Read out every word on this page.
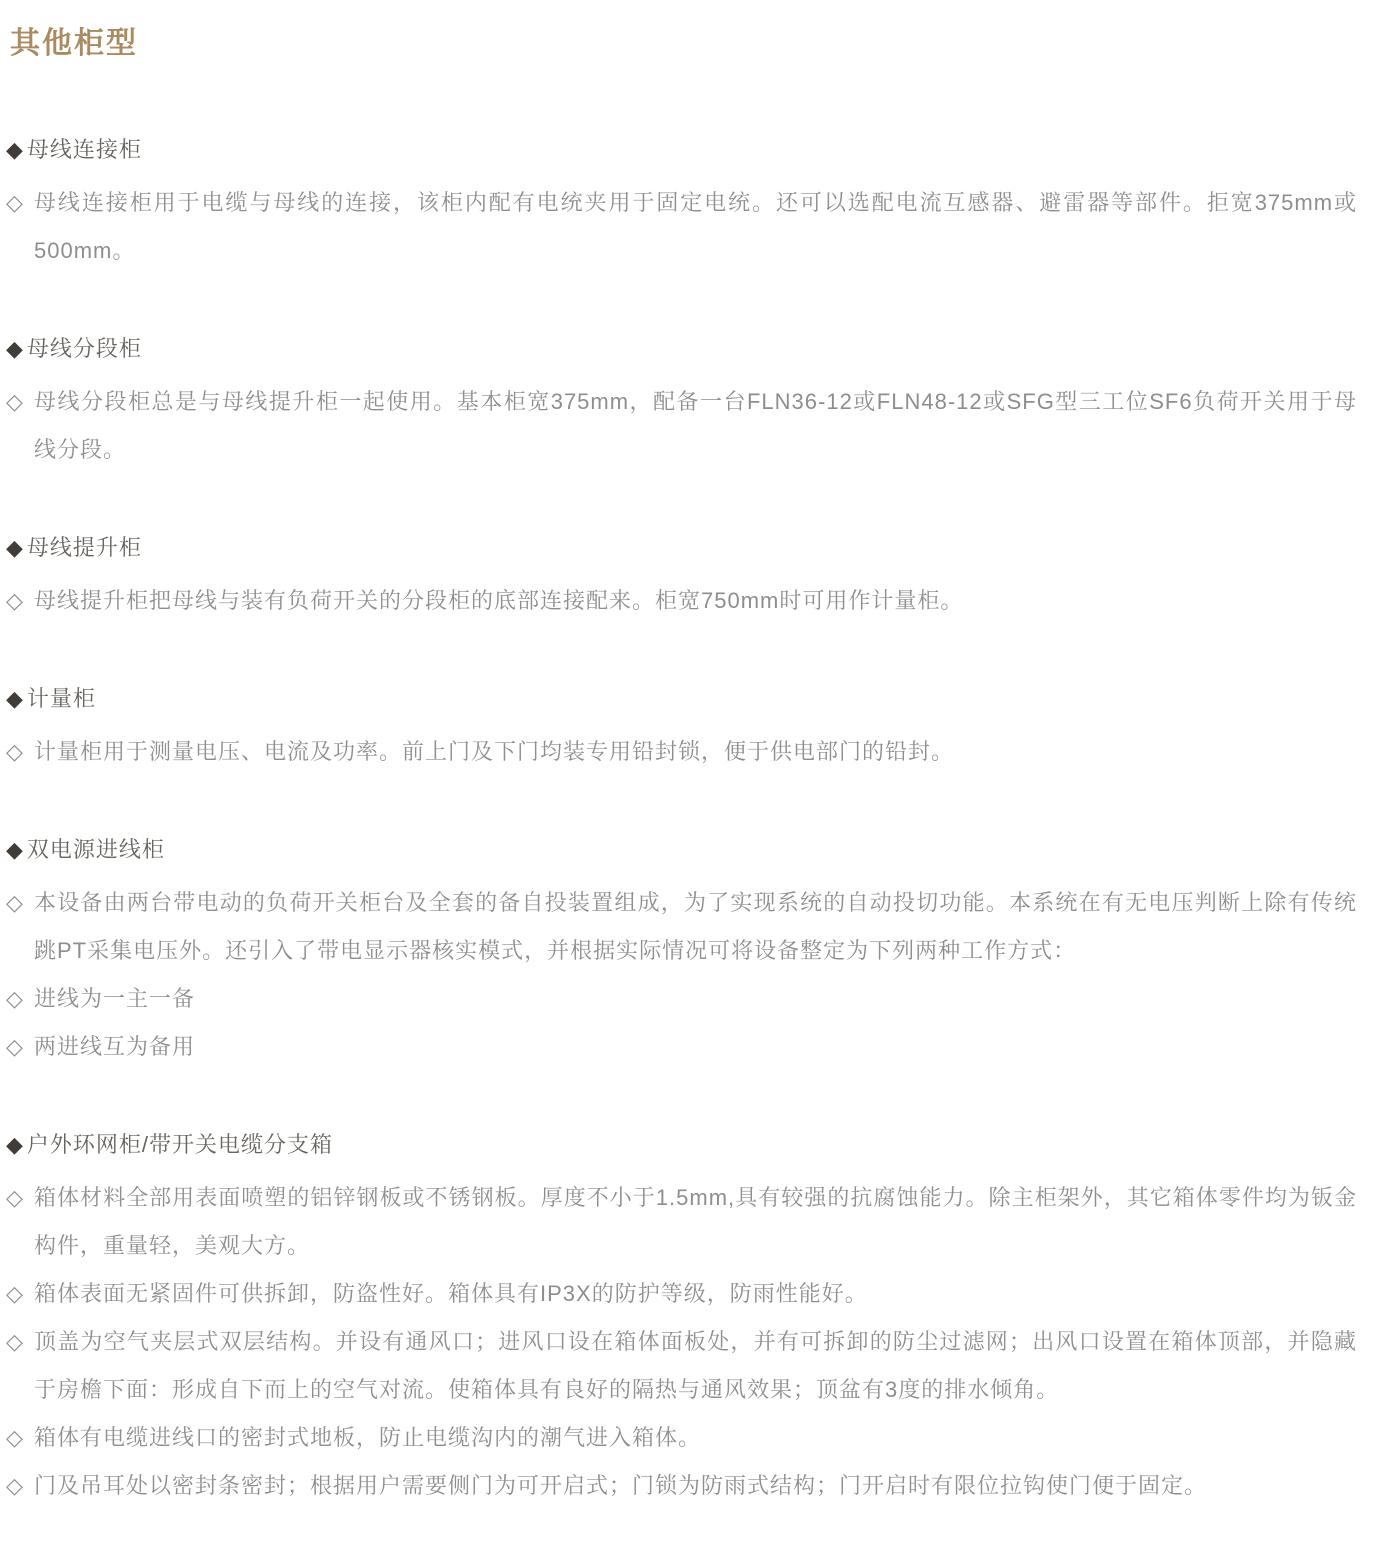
其他柜型
◆ 母线连接柜

◇ 母线连接柜用于电缆与母线的连接，该柜内配有电统夹用于固定电统。还可以选配电流互感器、避雷器等部件。拒宽375mm或500mm。

◆ 母线分段柜

◇ 母线分段柜总是与母线提升柜一起使用。基本柜宽375mm，配备一台FLN36-12或FLN48-12或SFG型三工位SF6负荷开关用于母线分段。

◆ 母线提升柜

◇ 母线提升柜把母线与装有负荷开关的分段柜的底部连接配来。柜宽750mm时可用作计量柜。

◆ 计量柜

◇ 计量柜用于测量电压、电流及功率。前上门及下门均装专用铅封锁，便于供电部门的铅封。

◆ 双电源进线柜

◇ 本设备由两台带电动的负荷开关柜台及全套的备自投装置组成，为了实现系统的自动投切功能。本系统在有无电压判断上除有传统跳PT采集电压外。还引入了带电显示器核实模式，并根据实际情况可将设备整定为下列两种工作方式：

◇ 进线为一主一备

◇ 两进线互为备用

◆ 户外环网柜/带开关电缆分支箱

◇ 箱体材料全部用表面喷塑的铝锌钢板或不锈钢板。厚度不小于1.5mm,具有较强的抗腐蚀能力。除主柜架外，其它箱体零件均为钣金构件，重量轻，美观大方。

◇ 箱体表面无紧固件可供拆卸，防盗性好。箱体具有IP3X的防护等级，防雨性能好。

◇ 顶盖为空气夹层式双层结构。并设有通风口；进风口设在箱体面板处，并有可拆卸的防尘过滤网；出风口设置在箱体顶部，并隐藏于房檐下面：形成自下而上的空气对流。使箱体具有良好的隔热与通风效果；顶盆有3度的排水倾角。

◇ 箱体有电缆进线口的密封式地板，防止电缆沟内的潮气进入箱体。

◇ 门及吊耳处以密封条密封；根据用户需要侧门为可开启式；门锁为防雨式结构；门开启时有限位拉钩使门便于固定。
